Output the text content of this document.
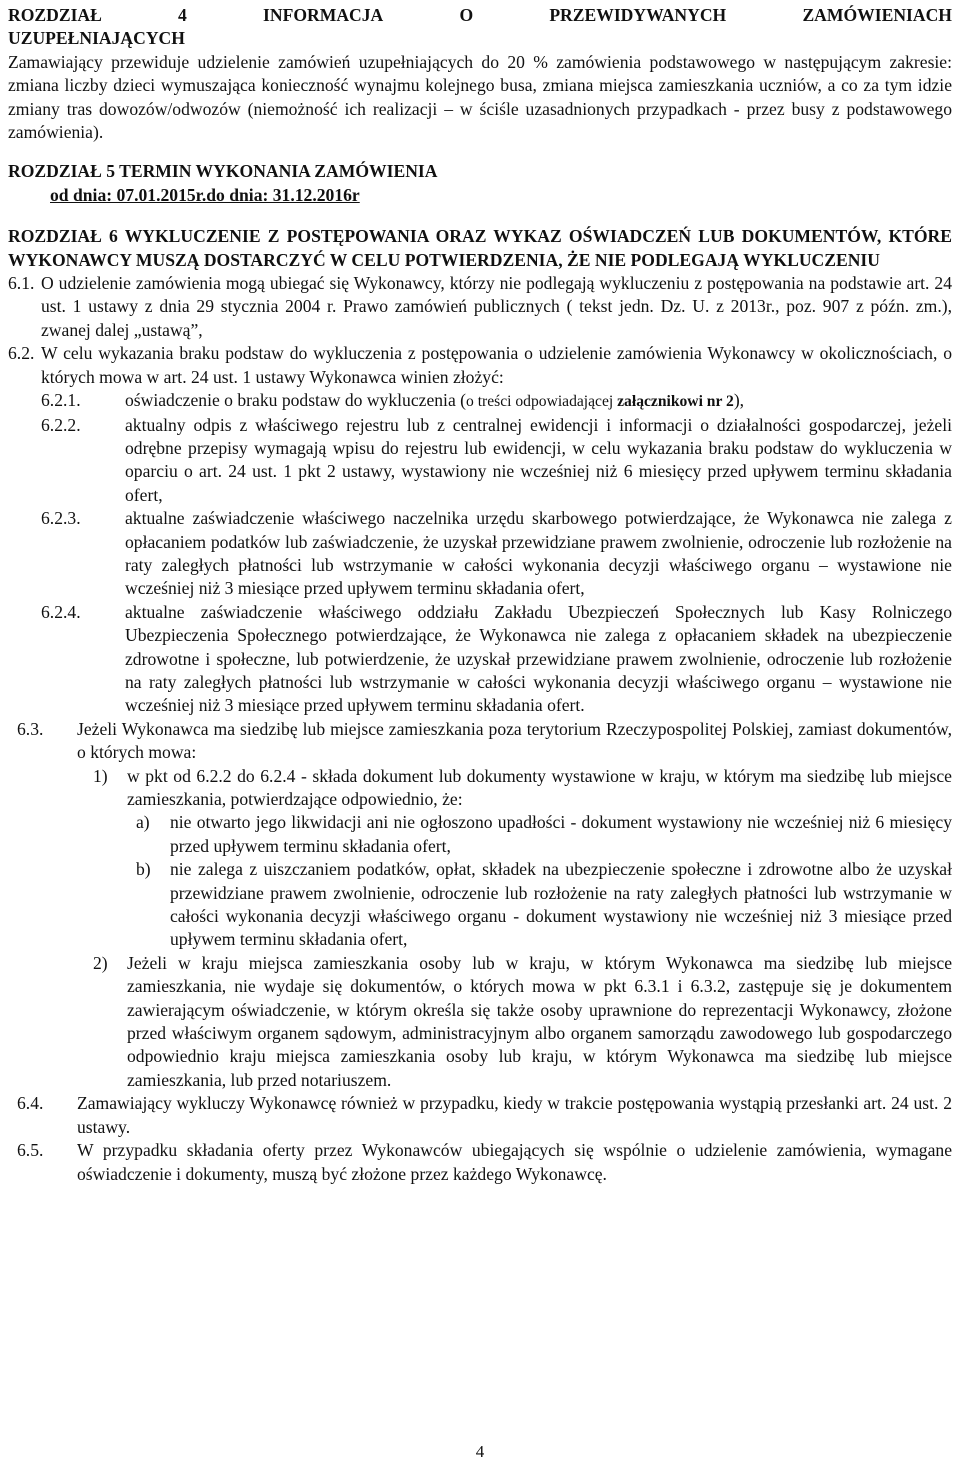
ROZDZIAŁ	4	INFORMACJA	O	PRZEWIDYWANYCH	ZAMÓWIENIACH

UZUPEŁNIAJĄCYCH

Zamawiający przewiduje udzielenie zamówień uzupełniających do 20 % zamówienia podstawowego w następującym zakresie: zmiana liczby dzieci wymuszająca konieczność wynajmu kolejnego busa, zmiana miejsca zamieszkania uczniów, a co za tym idzie zmiany tras dowozów/odwozów (niemożność ich realizacji – w ściśle uzasadnionych przypadkach - przez busy z podstawowego zamówienia).

ROZDZIAŁ 5 TERMIN WYKONANIA ZAMÓWIENIA

od dnia: 07.01.2015r.do dnia: 31.12.2016r

ROZDZIAŁ 6 WYKLUCZENIE Z POSTĘPOWANIA ORAZ WYKAZ OŚWIADCZEŃ LUB DOKUMENTÓW, KTÓRE WYKONAWCY MUSZĄ DOSTARCZYĆ W CELU POTWIERDZENIA, ŻE NIE PODLEGAJĄ WYKLUCZENIU

6.1. O udzielenie zamówienia mogą ubiegać się Wykonawcy, którzy nie podlegają wykluczeniu z postępowania na podstawie art. 24 ust. 1 ustawy z dnia 29 stycznia 2004 r. Prawo zamówień publicznych ( tekst jedn. Dz. U. z 2013r., poz. 907 z późn. zm.), zwanej dalej „ustawą”,
6.2. W celu wykazania braku podstaw do wykluczenia z postępowania o udzielenie zamówienia Wykonawcy w okolicznościach, o których mowa w art. 24 ust. 1 ustawy Wykonawca winien złożyć:
6.2.1.	oświadczenie o braku podstaw do wykluczenia (o treści odpowiadającej załącznikowi nr 2),
6.2.2.	aktualny odpis z właściwego rejestru lub z centralnej ewidencji i informacji o działalności gospodarczej, jeżeli odrębne przepisy wymagają wpisu do rejestru lub ewidencji, w celu wykazania braku podstaw do wykluczenia w oparciu o art. 24 ust. 1 pkt 2 ustawy, wystawiony nie wcześniej niż 6 miesięcy przed upływem terminu składania ofert,
6.2.3.	aktualne zaświadczenie właściwego naczelnika urzędu skarbowego potwierdzające, że Wykonawca nie zalega z opłacaniem podatków lub zaświadczenie, że uzyskał przewidziane prawem zwolnienie, odroczenie lub rozłożenie na raty zaległych płatności lub wstrzymanie w całości wykonania decyzji właściwego organu – wystawione nie wcześniej niż 3 miesiące przed upływem terminu składania ofert,
6.2.4.	aktualne zaświadczenie właściwego oddziału Zakładu Ubezpieczeń Społecznych lub Kasy Rolniczego Ubezpieczenia Społecznego potwierdzające, że Wykonawca nie zalega z opłacaniem składek na ubezpieczenie zdrowotne i społeczne, lub potwierdzenie, że uzyskał przewidziane prawem zwolnienie, odroczenie lub rozłożenie na raty zaległych płatności lub wstrzymanie w całości wykonania decyzji właściwego organu – wystawione nie wcześniej niż 3 miesiące przed upływem terminu składania ofert.
6.3.	Jeżeli Wykonawca ma siedzibę lub miejsce zamieszkania poza terytorium Rzeczypospolitej Polskiej, zamiast dokumentów, o których mowa:
1)	w pkt od 6.2.2 do 6.2.4 - składa dokument lub dokumenty wystawione w kraju, w którym ma siedzibę lub miejsce zamieszkania, potwierdzające odpowiednio, że:
a)	nie otwarto jego likwidacji ani nie ogłoszono upadłości - dokument wystawiony nie wcześniej niż 6 miesięcy przed upływem terminu składania ofert,
b)	nie zalega z uiszczaniem podatków, opłat, składek na ubezpieczenie społeczne i zdrowotne albo że uzyskał przewidziane prawem zwolnienie, odroczenie lub rozłożenie na raty zaległych płatności lub wstrzymanie w całości wykonania decyzji właściwego organu - dokument wystawiony nie wcześniej niż 3 miesiące przed upływem terminu składania ofert,
2)	Jeżeli w kraju miejsca zamieszkania osoby lub w kraju, w którym Wykonawca ma siedzibę lub miejsce zamieszkania, nie wydaje się dokumentów, o których mowa w pkt 6.3.1 i 6.3.2, zastępuje się je dokumentem zawierającym oświadczenie, w którym określa się także osoby uprawnione do reprezentacji Wykonawcy, złożone przed właściwym organem sądowym, administracyjnym albo organem samorządu zawodowego lub gospodarczego odpowiednio kraju miejsca zamieszkania osoby lub kraju, w którym Wykonawca ma siedzibę lub miejsce zamieszkania, lub przed notariuszem.
6.4.	Zamawiający wykluczy Wykonawcę również w przypadku, kiedy w trakcie postępowania wystąpią przesłanki art. 24 ust. 2 ustawy.
6.5.	W przypadku składania oferty przez Wykonawców ubiegających się wspólnie o udzielenie zamówienia, wymagane oświadczenie i dokumenty, muszą być złożone przez każdego Wykonawcę.
4
